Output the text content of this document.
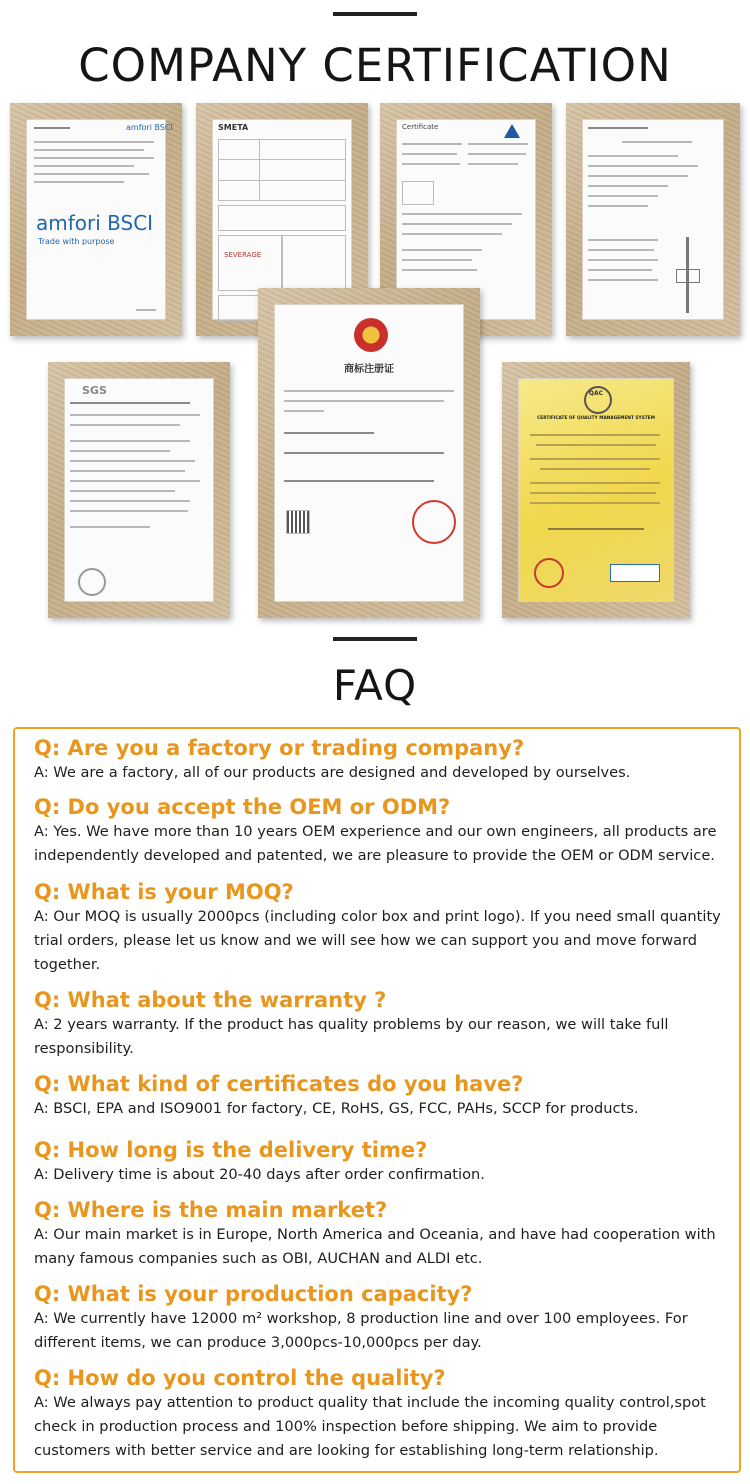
COMPANY CERTIFICATION
amfori BSCI
amfori BSCI
Trade with purpose
SMETA
SEVERAGE
Certificate
SGS
商标注册证
QAC
CERTIFICATE OF QUALITY MANAGEMENT SYSTEM
FAQ
Q: Are you a factory or trading company?
A: We are a factory, all of our products are designed and developed by ourselves.
Q: Do you accept the OEM or ODM?
A: Yes. We have more than 10 years OEM experience and our own engineers, all products are independently developed and patented, we are pleasure to provide the OEM or ODM service.
Q: What is your MOQ?
A: Our MOQ is usually 2000pcs (including color box and print logo). If you need small quantity trial orders, please let us know and we will see how we can support you and move forward together.
Q: What about the warranty ?
A: 2 years warranty. If the product has quality problems by our reason, we will take full responsibility.
Q: What kind of certificates do you have?
A: BSCI, EPA and ISO9001 for factory, CE, RoHS, GS, FCC, PAHs, SCCP for products.
Q: How long is the delivery time?
A: Delivery time is about 20-40 days after order confirmation.
Q: Where is the main market?
A: Our main market is in Europe, North America and Oceania, and have had cooperation with many famous companies such as OBI, AUCHAN and ALDI etc.
Q: What is your production capacity?
A: We currently have 12000 m² workshop, 8 production line and over 100 employees. For different items, we can produce 3,000pcs-10,000pcs per day.
Q: How do you control the quality?
A: We always pay attention to product quality that include the incoming quality control,spot check in production process and 100% inspection before shipping. We aim to provide customers with better service and are looking for establishing long-term relationship.
